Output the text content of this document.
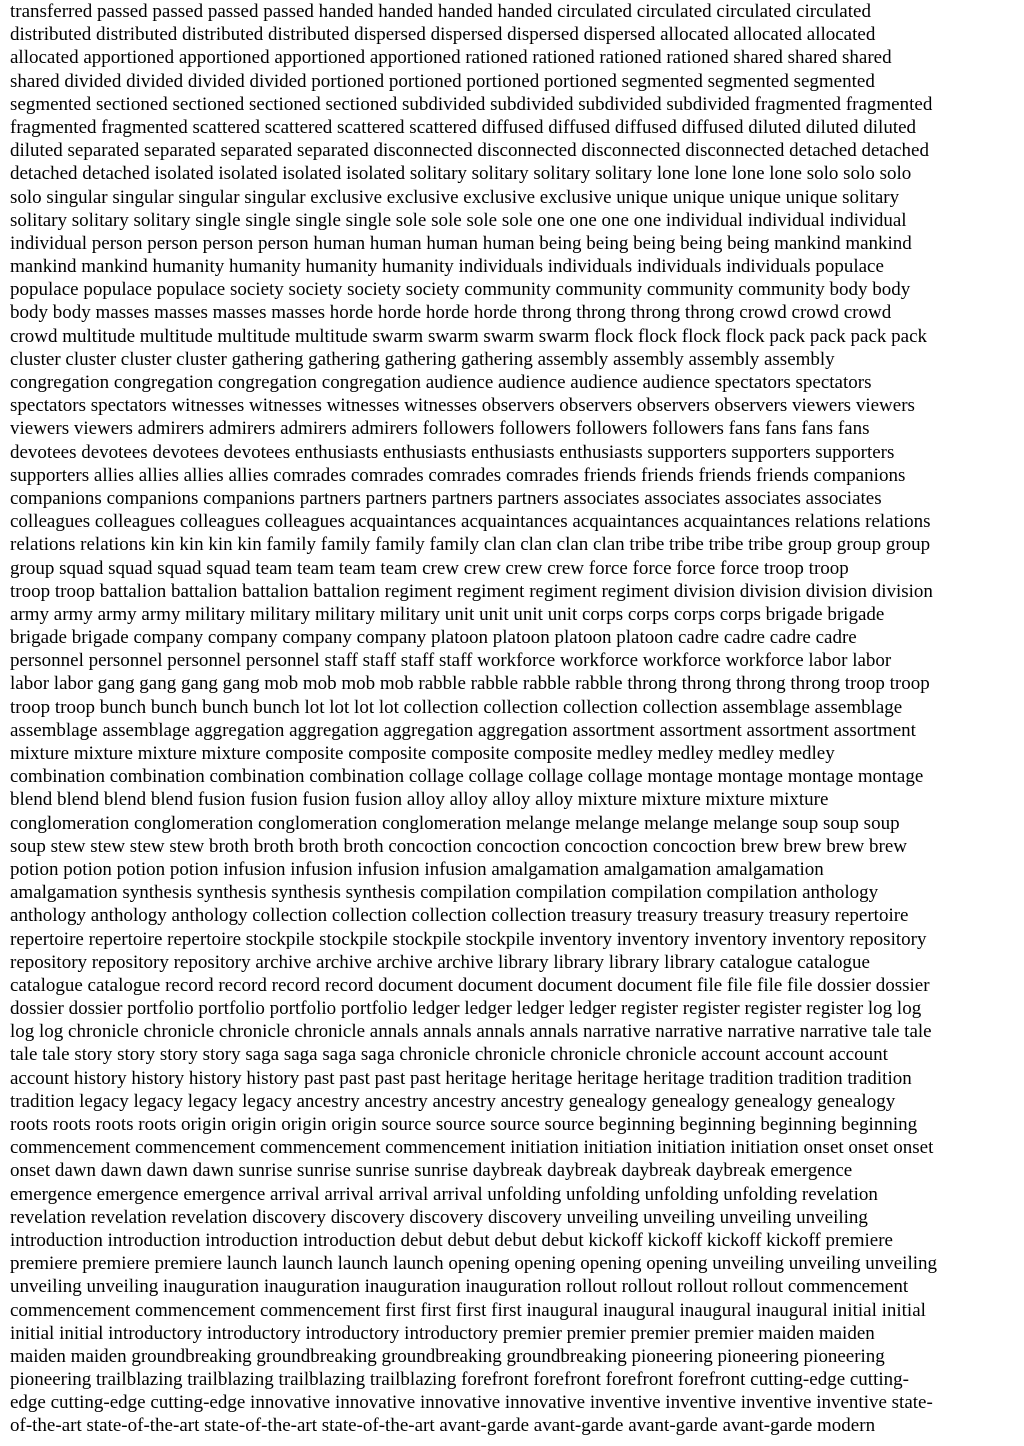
transferred passed passed passed passed handed handed handed handed circulated circulated circulated circulated
distributed distributed distributed distributed dispersed dispersed dispersed dispersed allocated allocated allocated
allocated apportioned apportioned apportioned apportioned rationed rationed rationed rationed shared shared shared
shared divided divided divided divided portioned portioned portioned portioned segmented segmented segmented
segmented sectioned sectioned sectioned sectioned subdivided subdivided subdivided subdivided fragmented fragmented
fragmented fragmented scattered scattered scattered scattered diffused diffused diffused diffused diluted diluted diluted
diluted separated separated separated separated disconnected disconnected disconnected disconnected detached detached
detached detached isolated isolated isolated isolated solitary solitary solitary solitary lone lone lone lone solo solo solo
solo singular singular singular singular exclusive exclusive exclusive exclusive unique unique unique unique solitary
solitary solitary solitary single single single single sole sole sole sole one one one one individual individual individual
individual person person person person human human human human being being being being being mankind mankind
mankind mankind humanity humanity humanity humanity individuals individuals individuals individuals populace
populace populace populace society society society society community community community community body body
body body masses masses masses masses horde horde horde horde throng throng throng throng crowd crowd crowd
crowd multitude multitude multitude multitude swarm swarm swarm swarm flock flock flock flock pack pack pack pack
cluster cluster cluster cluster gathering gathering gathering gathering assembly assembly assembly assembly
congregation congregation congregation congregation audience audience audience audience spectators spectators
spectators spectators witnesses witnesses witnesses witnesses observers observers observers observers viewers viewers
viewers viewers admirers admirers admirers admirers followers followers followers followers fans fans fans fans
devotees devotees devotees devotees enthusiasts enthusiasts enthusiasts enthusiasts supporters supporters supporters
supporters allies allies allies allies comrades comrades comrades comrades friends friends friends friends companions
companions companions companions partners partners partners partners associates associates associates associates
colleagues colleagues colleagues colleagues acquaintances acquaintances acquaintances acquaintances relations relations
relations relations kin kin kin kin family family family family clan clan clan clan tribe tribe tribe tribe group group group
group squad squad squad squad team team team team crew crew crew crew force force force force troop troop
troop troop battalion battalion battalion battalion regiment regiment regiment regiment division division division division
army army army army military military military military unit unit unit unit corps corps corps corps brigade brigade
brigade brigade company company company company platoon platoon platoon platoon cadre cadre cadre cadre
personnel personnel personnel personnel staff staff staff staff workforce workforce workforce workforce labor labor
labor labor gang gang gang gang mob mob mob mob rabble rabble rabble rabble throng throng throng throng troop troop
troop troop bunch bunch bunch bunch lot lot lot lot collection collection collection collection assemblage assemblage
assemblage assemblage aggregation aggregation aggregation aggregation assortment assortment assortment assortment
mixture mixture mixture mixture composite composite composite composite medley medley medley medley
combination combination combination combination collage collage collage collage montage montage montage montage
blend blend blend blend fusion fusion fusion fusion alloy alloy alloy alloy mixture mixture mixture mixture
conglomeration conglomeration conglomeration conglomeration melange melange melange melange soup soup soup
soup stew stew stew stew broth broth broth broth concoction concoction concoction concoction brew brew brew brew
potion potion potion potion infusion infusion infusion infusion amalgamation amalgamation amalgamation
amalgamation synthesis synthesis synthesis synthesis compilation compilation compilation compilation anthology
anthology anthology anthology collection collection collection collection treasury treasury treasury treasury repertoire
repertoire repertoire repertoire stockpile stockpile stockpile stockpile inventory inventory inventory inventory repository
repository repository repository archive archive archive archive library library library library catalogue catalogue
catalogue catalogue record record record record document document document document file file file file dossier dossier
dossier dossier portfolio portfolio portfolio portfolio ledger ledger ledger ledger register register register register log log
log log chronicle chronicle chronicle chronicle annals annals annals annals narrative narrative narrative narrative tale tale
tale tale story story story story saga saga saga saga chronicle chronicle chronicle chronicle account account account
account history history history history past past past past heritage heritage heritage heritage tradition tradition tradition
tradition legacy legacy legacy legacy ancestry ancestry ancestry ancestry genealogy genealogy genealogy genealogy
roots roots roots roots origin origin origin origin source source source source beginning beginning beginning beginning
commencement commencement commencement commencement initiation initiation initiation initiation onset onset onset
onset dawn dawn dawn dawn sunrise sunrise sunrise sunrise daybreak daybreak daybreak daybreak emergence
emergence emergence emergence arrival arrival arrival arrival unfolding unfolding unfolding unfolding revelation
revelation revelation revelation discovery discovery discovery discovery unveiling unveiling unveiling unveiling
introduction introduction introduction introduction debut debut debut debut kickoff kickoff kickoff kickoff premiere
premiere premiere premiere launch launch launch launch opening opening opening opening unveiling unveiling unveiling
unveiling unveiling inauguration inauguration inauguration inauguration rollout rollout rollout rollout commencement
commencement commencement commencement first first first first inaugural inaugural inaugural inaugural initial initial
initial initial introductory introductory introductory introductory premier premier premier premier maiden maiden
maiden maiden groundbreaking groundbreaking groundbreaking groundbreaking pioneering pioneering pioneering
pioneering trailblazing trailblazing trailblazing trailblazing forefront forefront forefront forefront cutting-edge cutting-
edge cutting-edge cutting-edge innovative innovative innovative innovative inventive inventive inventive inventive state-
of-the-art state-of-the-art state-of-the-art state-of-the-art avant-garde avant-garde avant-garde avant-garde modern
